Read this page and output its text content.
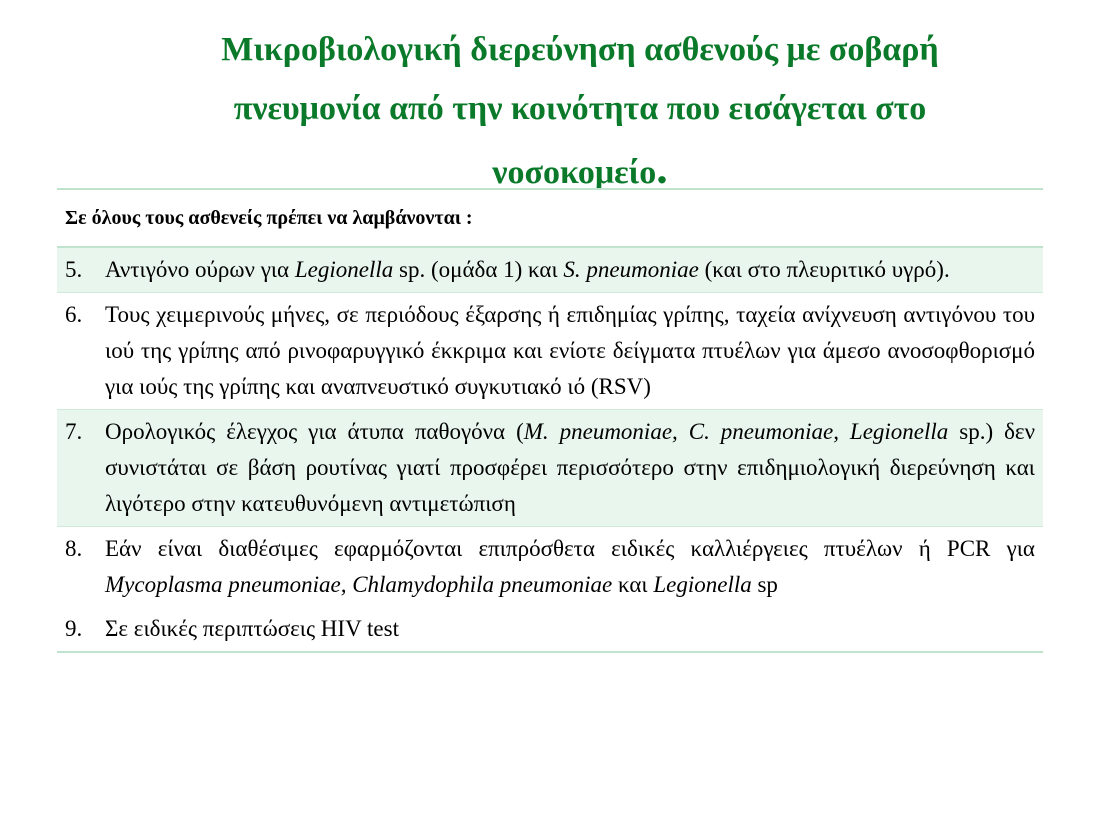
Μικροβιολογική διερεύνηση ασθενούς με σοβαρή
πνευμονία από την κοινότητα που εισάγεται στο
νοσοκομείο.
Σε όλους τους ασθενείς πρέπει να λαμβάνονται :
5. Αντιγόνο ούρων για Legionella sp. (ομάδα 1) και S. pneumoniae (και στο πλευριτικό υγρό).
6. Τους χειμερινούς μήνες, σε περιόδους έξαρσης ή επιδημίας γρίπης, ταχεία ανίχνευση αντιγόνου του ιού της γρίπης από ρινοφαρυγγικό έκκριμα και ενίοτε δείγματα πτυέλων για άμεσο ανοσοφθορισμό για ιούς της γρίπης και αναπνευστικό συγκυτιακό ιό (RSV)
7. Ορολογικός έλεγχος για άτυπα παθογόνα (M. pneumoniae, C. pneumoniae, Legionella sp.) δεν συνιστάται σε βάση ρουτίνας γιατί προσφέρει περισσότερο στην επιδημιολογική διερεύνηση και λιγότερο στην κατευθυνόμενη αντιμετώπιση
8. Εάν είναι διαθέσιμες εφαρμόζονται επιπρόσθετα ειδικές καλλιέργειες πτυέλων ή PCR για Mycoplasma pneumoniae, Chlamydophila pneumoniae και Legionella sp
9. Σε ειδικές περιπτώσεις HIV test
